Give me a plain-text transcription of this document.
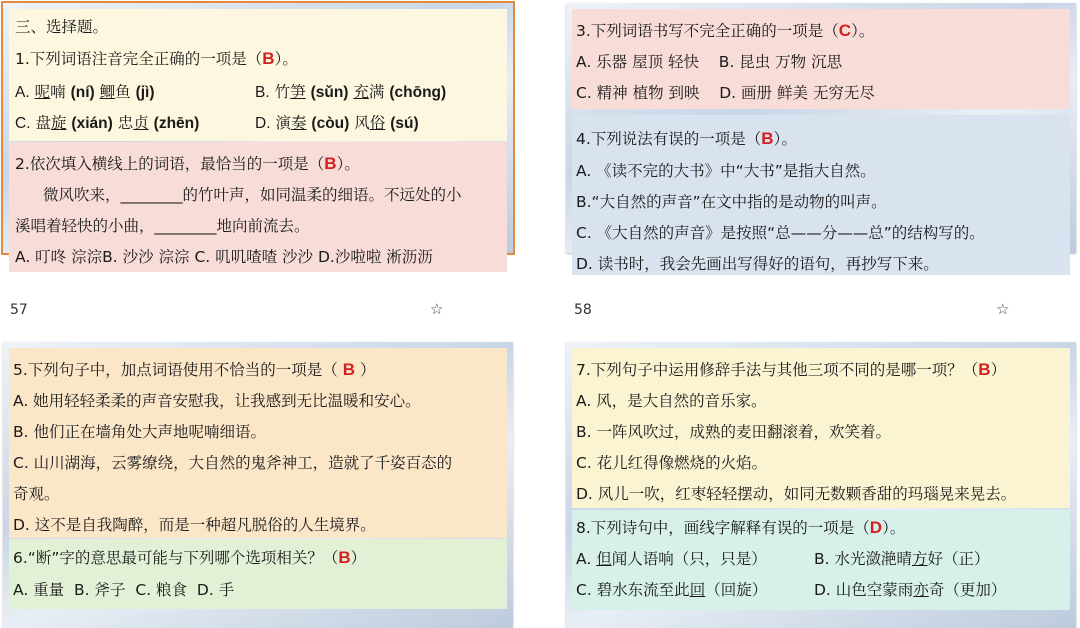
三、选择题。
1.下列词语注音完全正确的一项是（B）。
A. 呢喃 (ní) 鲫鱼 (jì)	B. 竹笋 (sǔn) 充满 (chōng)
C. 盘旋 (xián) 忠贞 (zhēn)	D. 演奏 (còu) 风俗 (sú)
2.依次填入横线上的词语，最恰当的一项是（B）。
微风吹来，________的竹叶声，如同温柔的细语。不远处的小
溪唱着轻快的小曲，________地向前流去。
A. 叮咚 淙淙B. 沙沙 淙淙 C. 叽叽喳喳 沙沙 D.沙啦啦 淅沥沥
57	☆
3.下列词语书写不完全正确的一项是（C）。
A. 乐器 屋顶 轻快    B. 昆虫 万物 沉思
C. 精神 植物 到映    D. 画册 鲜美 无穷无尽
4.下列说法有误的一项是（B）。
A. 《读不完的大书》中“大书”是指大自然。
B.“大自然的声音”在文中指的是动物的叫声。
C. 《大自然的声音》是按照“总——分——总”的结构写的。
D. 读书时，我会先画出写得好的语句，再抄写下来。
58	☆
5.下列句子中，加点词语使用不恰当的一项是（ B ）
A. 她用轻轻柔柔的声音安慰我，让我感到无比温暖和安心。
B. 他们正在墙角处大声地呢喃细语。
C. 山川湖海，云雾缭绕，大自然的鬼斧神工，造就了千姿百态的
奇观。
D. 这不是自我陶醉，而是一种超凡脱俗的人生境界。
6.“断”字的意思最可能与下列哪个选项相关？（B）
A. 重量  B. 斧子  C. 粮食  D. 手
7.下列句子中运用修辞手法与其他三项不同的是哪一项？（B）
A. 风，是大自然的音乐家。
B. 一阵风吹过，成熟的麦田翻滚着，欢笑着。
C. 花儿红得像燃烧的火焰。
D. 风儿一吹，红枣轻轻摆动，如同无数颗香甜的玛瑙晃来晃去。
8.下列诗句中，画线字解释有误的一项是（D）。
A. 但闻人语响（只，只是）	B. 水光潋滟晴方好（正）
C. 碧水东流至此回（回旋）	D. 山色空蒙雨亦奇（更加）
